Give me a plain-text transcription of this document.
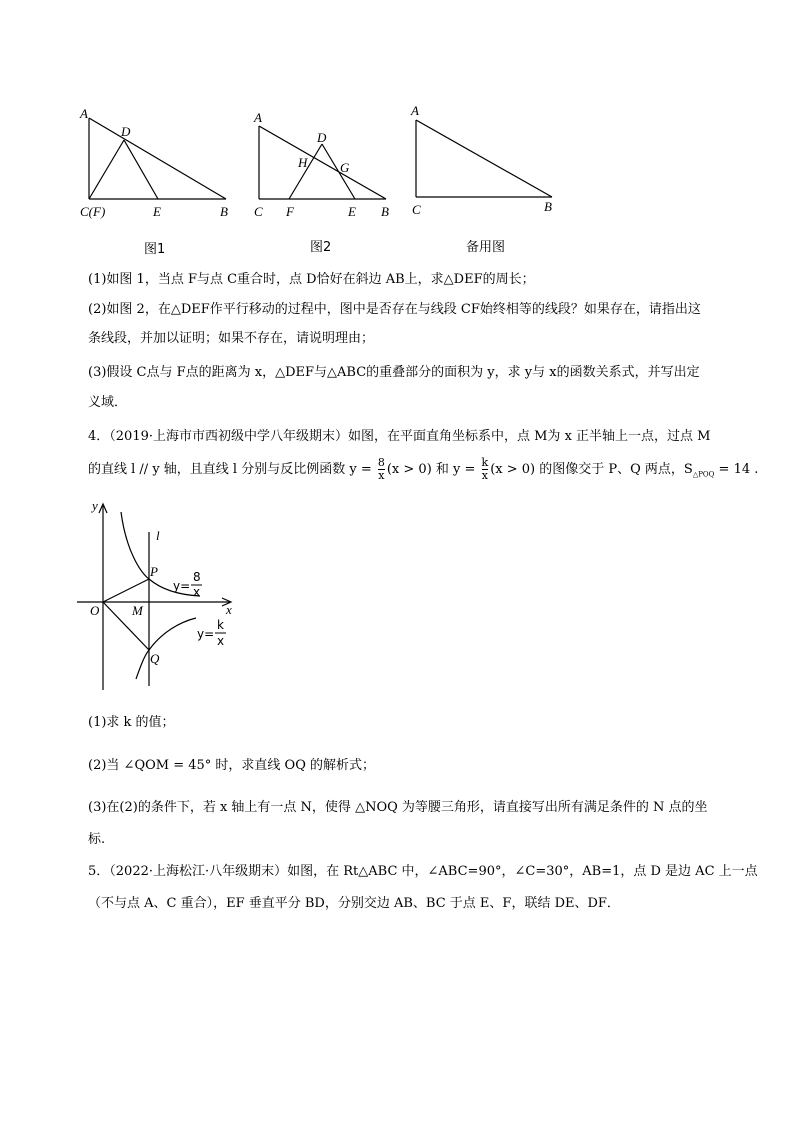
A
D
C(F)	E	B
图1
A
D
H	G
C F	E B
图2
A
C	B
备用图
(1)如图 1，当点 F与点 C重合时，点 D恰好在斜边 AB上，求△DEF的周长；
(2)如图 2，在△DEF作平行移动的过程中，图中是否存在与线段 CF始终相等的线段？如果存在，请指出这
条线段，并加以证明；如果不存在，请说明理由；
(3)假设 C点与 F点的距离为 x，△DEF与△ABC的重叠部分的面积为 y，求 y与 x的函数关系式，并写出定
义域．
4．（2019·上海市市西初级中学八年级期末）如图，在平面直角坐标系中，点 M为 x 正半轴上一点，过点 M
的直线 l // y 轴，且直线 l 分别与反比例函数 $y = \frac{8}{x} (x > 0)$ 和 $y = \frac{k}{x} (x > 0)$ 的图像交于 P、Q 两点，$S_{\triangle POQ} = 14$ .
y
l
P
O	M	x
Q
y=
8
x
y=
k
x
(1)求 k 的值；
(2)当 ∠QOM = 45° 时，求直线 OQ 的解析式；
(3)在(2)的条件下，若 x 轴上有一点 N，使得 △NOQ 为等腰三角形，请直接写出所有满足条件的 N 点的坐
标.
5．（2022·上海松江·八年级期末）如图，在 Rt△ABC 中，∠ABC=90°，∠C=30°，AB=1，点 D 是边 AC 上一点
（不与点 A、C 重合），EF 垂直平分 BD，分别交边 AB、BC 于点 E、F，联结 DE、DF．
